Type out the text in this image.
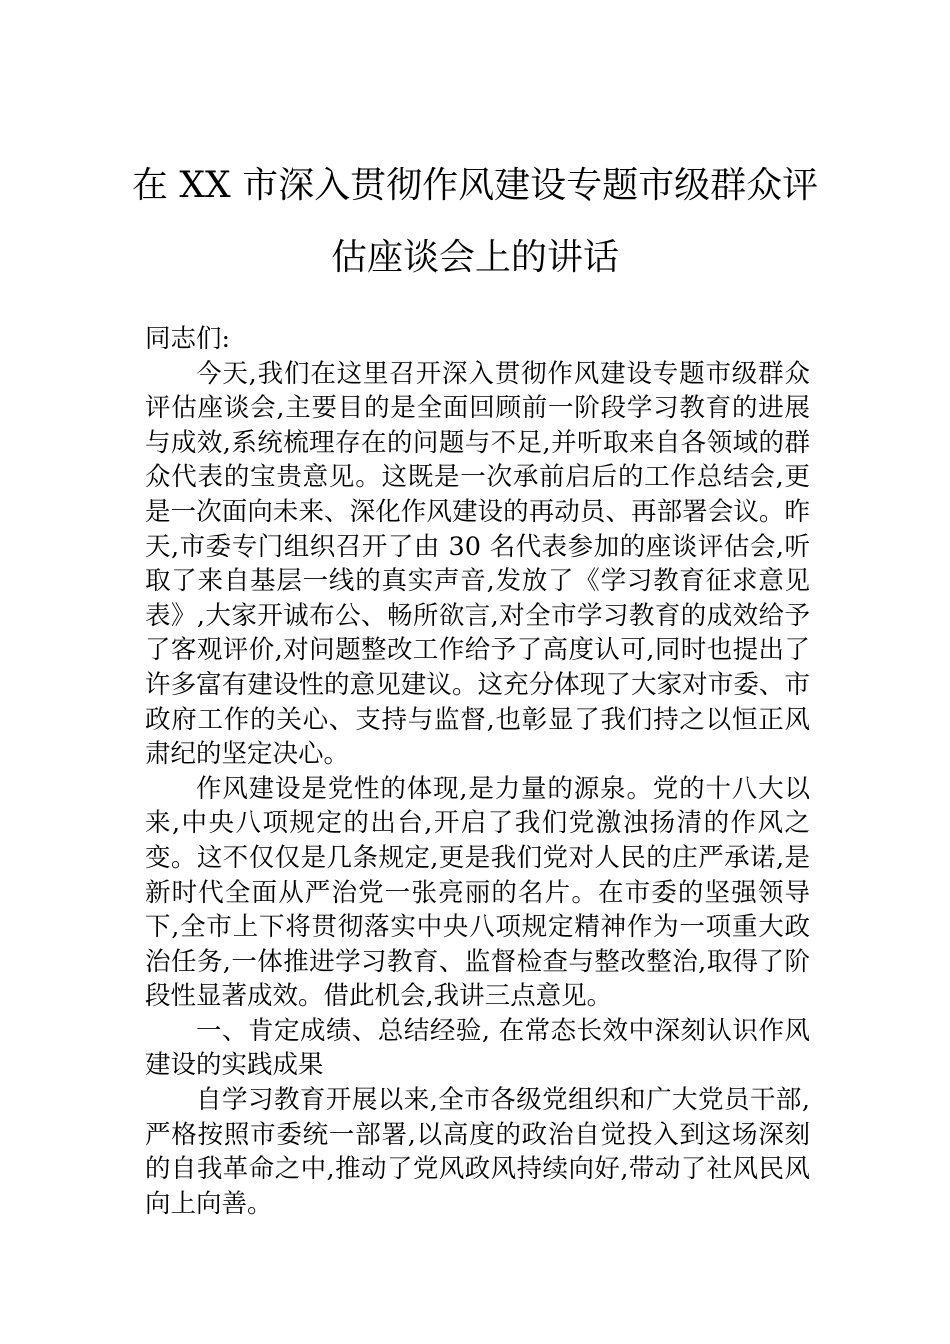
在 XX 市深入贯彻作风建设专题市级群众评
估座谈会上的讲话

同志们:

今天,我们在这里召开深入贯彻作风建设专题市级群众评估座谈会,主要目的是全面回顾前一阶段学习教育的进展与成效,系统梳理存在的问题与不足,并听取来自各领域的群众代表的宝贵意见。这既是一次承前启后的工作总结会,更是一次面向未来、深化作风建设的再动员、再部署会议。昨天,市委专门组织召开了由 30 名代表参加的座谈评估会,听取了来自基层一线的真实声音,发放了《学习教育征求意见表》,大家开诚布公、畅所欲言,对全市学习教育的成效给予了客观评价,对问题整改工作给予了高度认可,同时也提出了许多富有建设性的意见建议。这充分体现了大家对市委、市政府工作的关心、支持与监督,也彰显了我们持之以恒正风肃纪的坚定决心。

作风建设是党性的体现,是力量的源泉。党的十八大以来,中央八项规定的出台,开启了我们党激浊扬清的作风之变。这不仅仅是几条规定,更是我们党对人民的庄严承诺,是新时代全面从严治党一张亮丽的名片。在市委的坚强领导下,全市上下将贯彻落实中央八项规定精神作为一项重大政治任务,一体推进学习教育、监督检查与整改整治,取得了阶段性显著成效。借此机会,我讲三点意见。

一、肯定成绩、总结经验, 在常态长效中深刻认识作风建设的实践成果

自学习教育开展以来,全市各级党组织和广大党员干部,严格按照市委统一部署,以高度的政治自觉投入到这场深刻的自我革命之中,推动了党风政风持续向好,带动了社风民风向上向善。
